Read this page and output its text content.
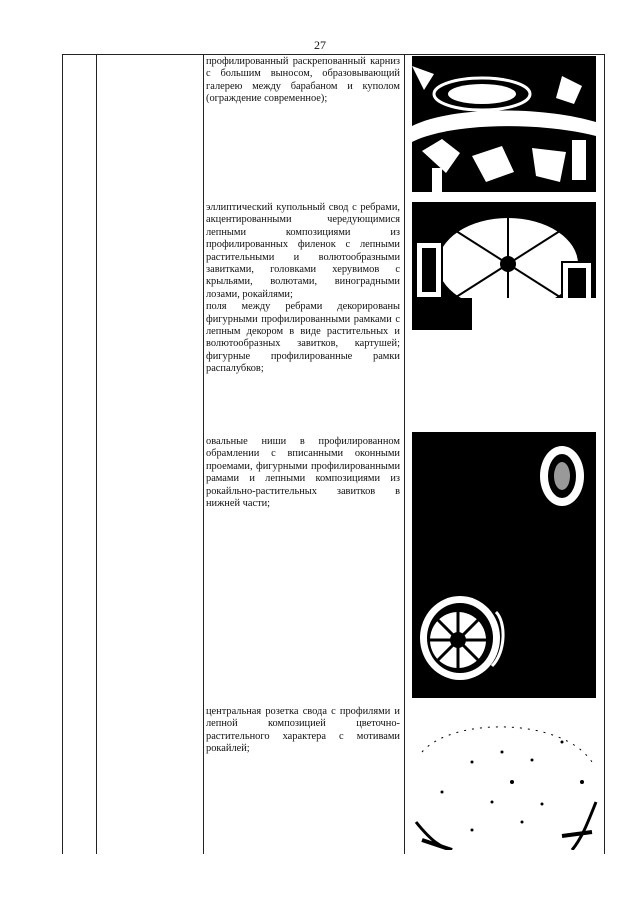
27

профилированный раскрепованный карниз с большим выносом, образовывающий галерею между барабаном и куполом (ограждение современное);

эллиптический купольный свод с ребрами, акцентированными чередующимися лепными композициями из профилированных филенок с лепными растительными и волютообразными завитками, головками херувимов с крыльями, волютами, виноградными лозами, рокайлями;

поля между ребрами декорированы фигурными профилированными рамками с лепным декором в виде растительных и волютообразных завитков, картушей; фигурные профилированные рамки распалубков;

овальные ниши в профилированном обрамлении с вписанными оконными проемами, фигурными профилированными рамами и лепными композициями из рокайльно-растительных завитков в нижней части;

центральная розетка свода с профилями и лепной композицией цветочно-растительного характера с мотивами рокайлей;
